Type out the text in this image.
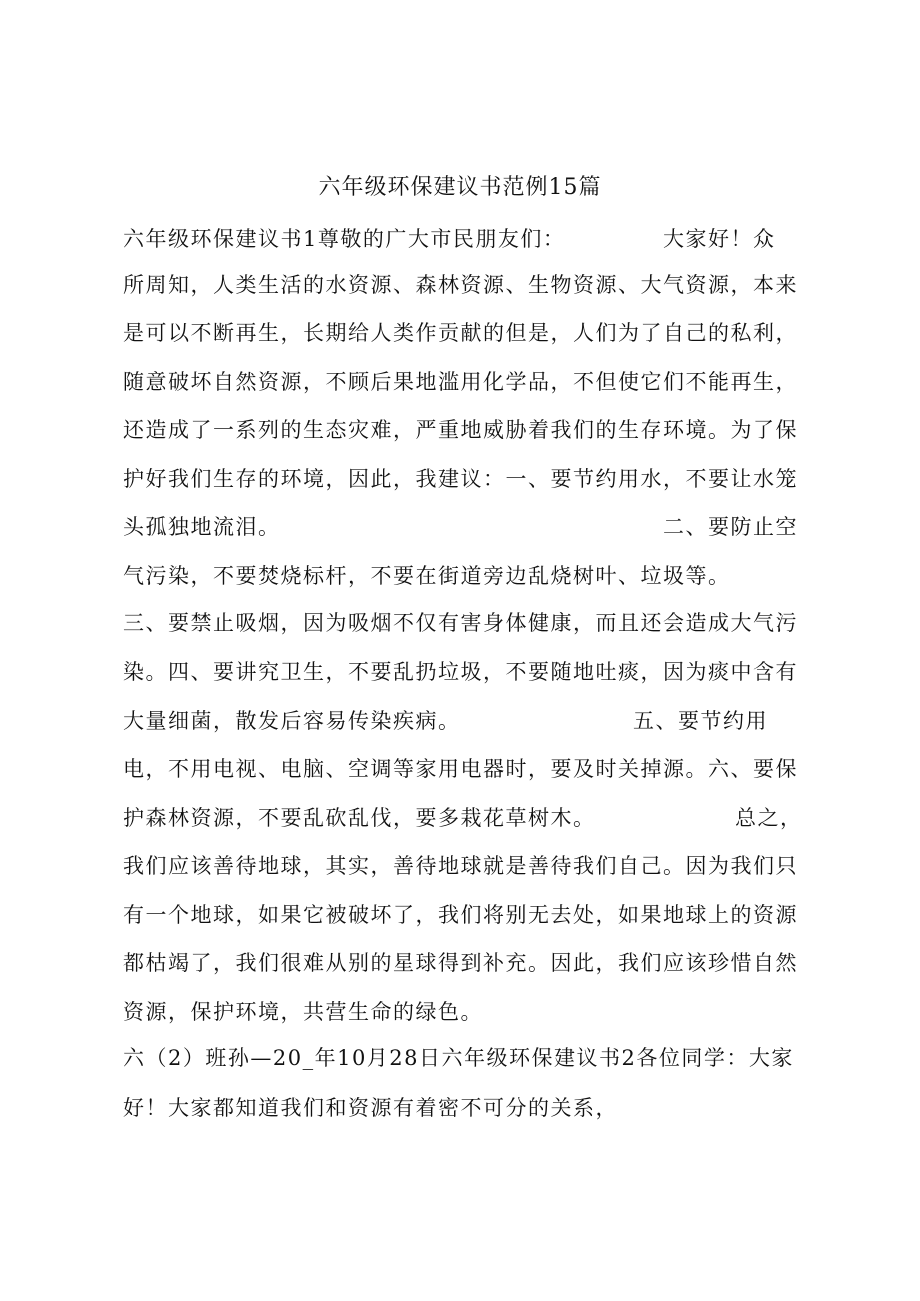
六年级环保建议书范例15篇
六年级环保建议书1尊敬的广大市民朋友们：	大家好！众
所周知，人类生活的水资源、森林资源、生物资源、大气资源，本来
是可以不断再生，长期给人类作贡献的但是，人们为了自己的私利，
随意破坏自然资源，不顾后果地滥用化学品，不但使它们不能再生，
还造成了一系列的生态灾难，严重地威胁着我们的生存环境。为了保
护好我们生存的环境，因此，我建议：一、要节约用水，不要让水笼
头孤独地流泪。	二、要防止空
气污染，不要焚烧标杆，不要在街道旁边乱烧树叶、垃圾等。
三、要禁止吸烟，因为吸烟不仅有害身体健康，而且还会造成大气污
染。四、要讲究卫生，不要乱扔垃圾，不要随地吐痰，因为痰中含有
大量细菌，散发后容易传染疾病。	五、要节约用
电，不用电视、电脑、空调等家用电器时，要及时关掉源。六、要保
护森林资源，不要乱砍乱伐，要多栽花草树木。	总之，
我们应该善待地球，其实，善待地球就是善待我们自己。因为我们只
有一个地球，如果它被破坏了，我们将别无去处，如果地球上的资源
都枯竭了，我们很难从别的星球得到补充。因此，我们应该珍惜自然
资源，保护环境，共营生命的绿色。
六（2）班孙—20_年10月28日六年级环保建议书2各位同学：大家
好！大家都知道我们和资源有着密不可分的关系，
